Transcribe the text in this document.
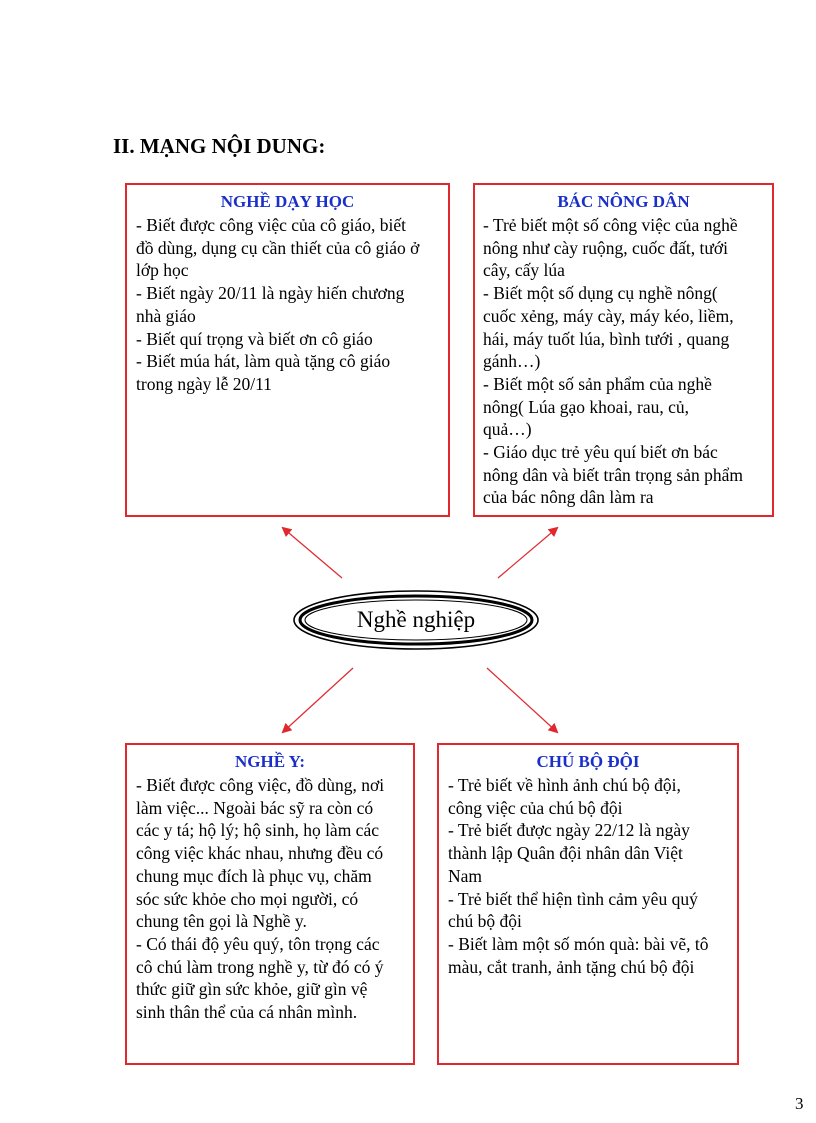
II. MẠNG NỘI DUNG:
NGHỀ DẠY HỌC
- Biết được công việc của cô giáo, biết
đồ dùng, dụng cụ cần thiết của cô giáo ở
lớp học
- Biết ngày 20/11 là ngày hiến chương
nhà giáo
- Biết quí trọng và biết ơn cô giáo
- Biết múa hát, làm quà tặng cô giáo
trong ngày lễ 20/11
BÁC NÔNG DÂN
- Trẻ biết một số công việc của nghề
nông như cày ruộng, cuốc đất, tưới
cây, cấy lúa
- Biết một số dụng cụ nghề nông(
cuốc xẻng, máy cày, máy kéo, liềm,
hái, máy tuốt lúa, bình tưới , quang
gánh…)
- Biết một số sản phẩm của nghề
nông( Lúa gạo khoai, rau, củ,
quả…)
- Giáo dục trẻ yêu quí biết ơn bác
nông dân và biết trân trọng sản phẩm
của bác nông dân làm ra
Nghề nghiệp
NGHỀ Y:
- Biết được công việc, đồ dùng, nơi
làm việc... Ngoài bác sỹ ra còn có
các y tá; hộ lý; hộ sinh, họ làm các
công việc khác nhau, nhưng đều có
chung mục đích là phục vụ, chăm
sóc sức khỏe cho mọi người, có
chung tên gọi là Nghề y.
- Có thái độ yêu quý, tôn trọng các
cô chú làm trong nghề y, từ đó có ý
thức giữ gìn sức khỏe, giữ gìn vệ
sinh thân thể của cá nhân mình.
CHÚ BỘ ĐỘI
- Trẻ biết về hình ảnh chú bộ đội,
công việc của chú bộ đội
- Trẻ biết được ngày 22/12 là ngày
thành lập Quân đội nhân dân Việt
Nam
- Trẻ biết thể hiện tình cảm yêu quý
chú bộ đội
- Biết làm một số món quà: bài vẽ, tô
màu, cắt tranh, ảnh tặng chú bộ đội
3
